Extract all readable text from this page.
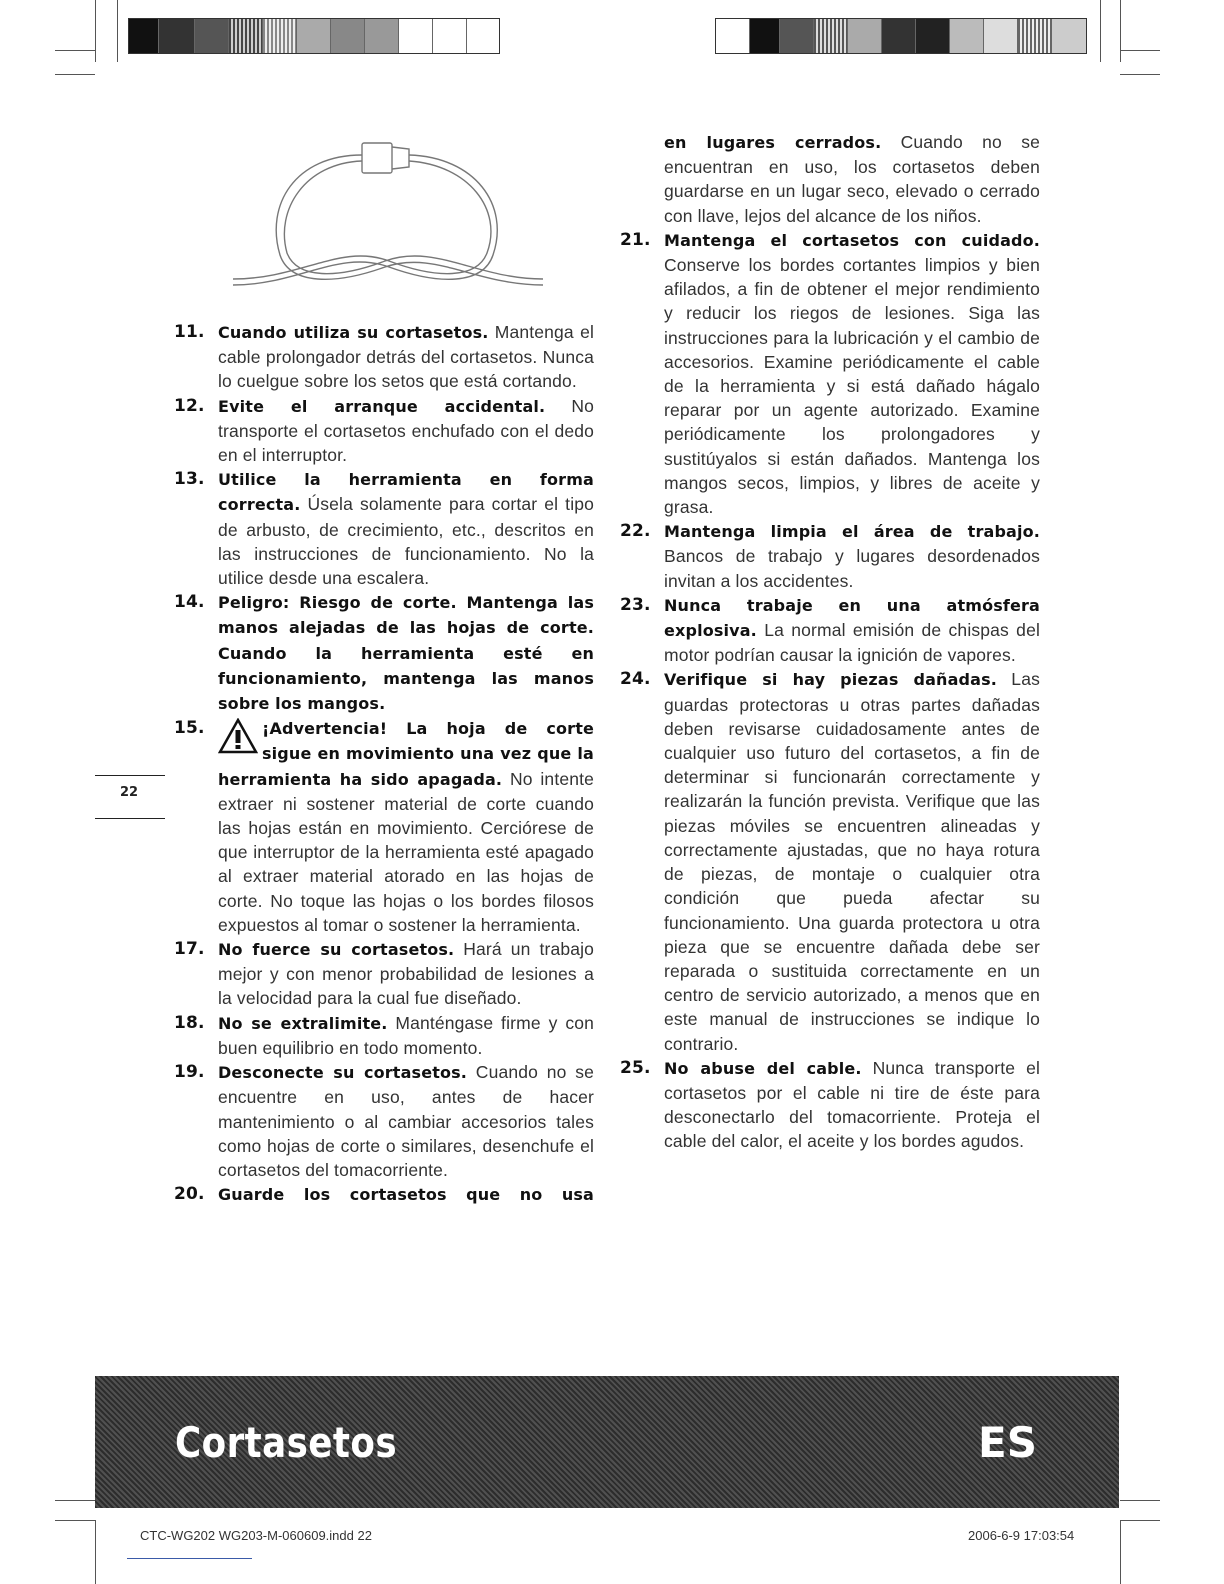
11. Cuando utiliza su cortasetos. Mantenga el cable prolongador detrás del cortasetos. Nunca lo cuelgue sobre los setos que está cortando.
12. Evite el arranque accidental. No transporte el cortasetos enchufado con el dedo en el interruptor.
13. Utilice la herramienta en forma correcta. Úsela solamente para cortar el tipo de arbusto, de crecimiento, etc., descritos en las instrucciones de funcionamiento. No la utilice desde una escalera.
14. Peligro: Riesgo de corte. Mantenga las manos alejadas de las hojas de corte. Cuando la herramienta esté en funcionamiento, mantenga las manos sobre los mangos.
15.	¡Advertencia! La hoja de corte sigue en movimiento una vez que la herramienta ha sido apagada. No intente extraer ni sostener material de corte cuando las hojas están en movimiento. Cerciórese de que interruptor de la herramienta esté apagado al extraer material atorado en las hojas de corte. No toque las hojas o los bordes filosos expuestos al tomar o sostener la herramienta.
17. No fuerce su cortasetos. Hará un trabajo mejor y con menor probabilidad de lesiones a la velocidad para la cual fue diseñado.
18. No se extralimite. Manténgase firme y con buen equilibrio en todo momento.
19. Desconecte su cortasetos. Cuando no se encuentre en uso, antes de hacer mantenimiento o al cambiar accesorios tales como hojas de corte o similares, desenchufe el cortasetos del tomacorriente.
20. Guarde los cortasetos que no usa
en lugares cerrados. Cuando no se encuentran en uso, los cortasetos deben guardarse en un lugar seco, elevado o cerrado con llave, lejos del alcance de los niños.
21. Mantenga el cortasetos con cuidado. Conserve los bordes cortantes limpios y bien afilados, a fin de obtener el mejor rendimiento y reducir los riegos de lesiones. Siga las instrucciones para la lubricación y el cambio de accesorios. Examine periódicamente el cable de la herramienta y si está dañado hágalo reparar por un agente autorizado. Examine periódicamente los prolongadores y sustitúyalos si están dañados. Mantenga los mangos secos, limpios, y libres de aceite y grasa.
22. Mantenga limpia el área de trabajo. Bancos de trabajo y lugares desordenados invitan a los accidentes.
23. Nunca trabaje en una atmósfera explosiva. La normal emisión de chispas del motor podrían causar la ignición de vapores.
24. Verifique si hay piezas dañadas. Las guardas protectoras u otras partes dañadas deben revisarse cuidadosamente antes de cualquier uso futuro del cortasetos, a fin de determinar si funcionarán correctamente y realizarán la función prevista. Verifique que las piezas móviles se encuentren alineadas y correctamente ajustadas, que no haya rotura de piezas, de montaje o cualquier otra condición que pueda afectar su funcionamiento. Una guarda protectora u otra pieza que se encuentre dañada debe ser reparada o sustituida correctamente en un centro de servicio autorizado, a menos que en este manual de instrucciones se indique lo contrario.
25. No abuse del cable. Nunca transporte el cortasetos por el cable ni tire de éste para desconectarlo del tomacorriente. Proteja el cable del calor, el aceite y los bordes agudos.
22
Cortasetos	ES
CTC-WG202 WG203-M-060609.indd 22	2006-6-9 17:03:54
